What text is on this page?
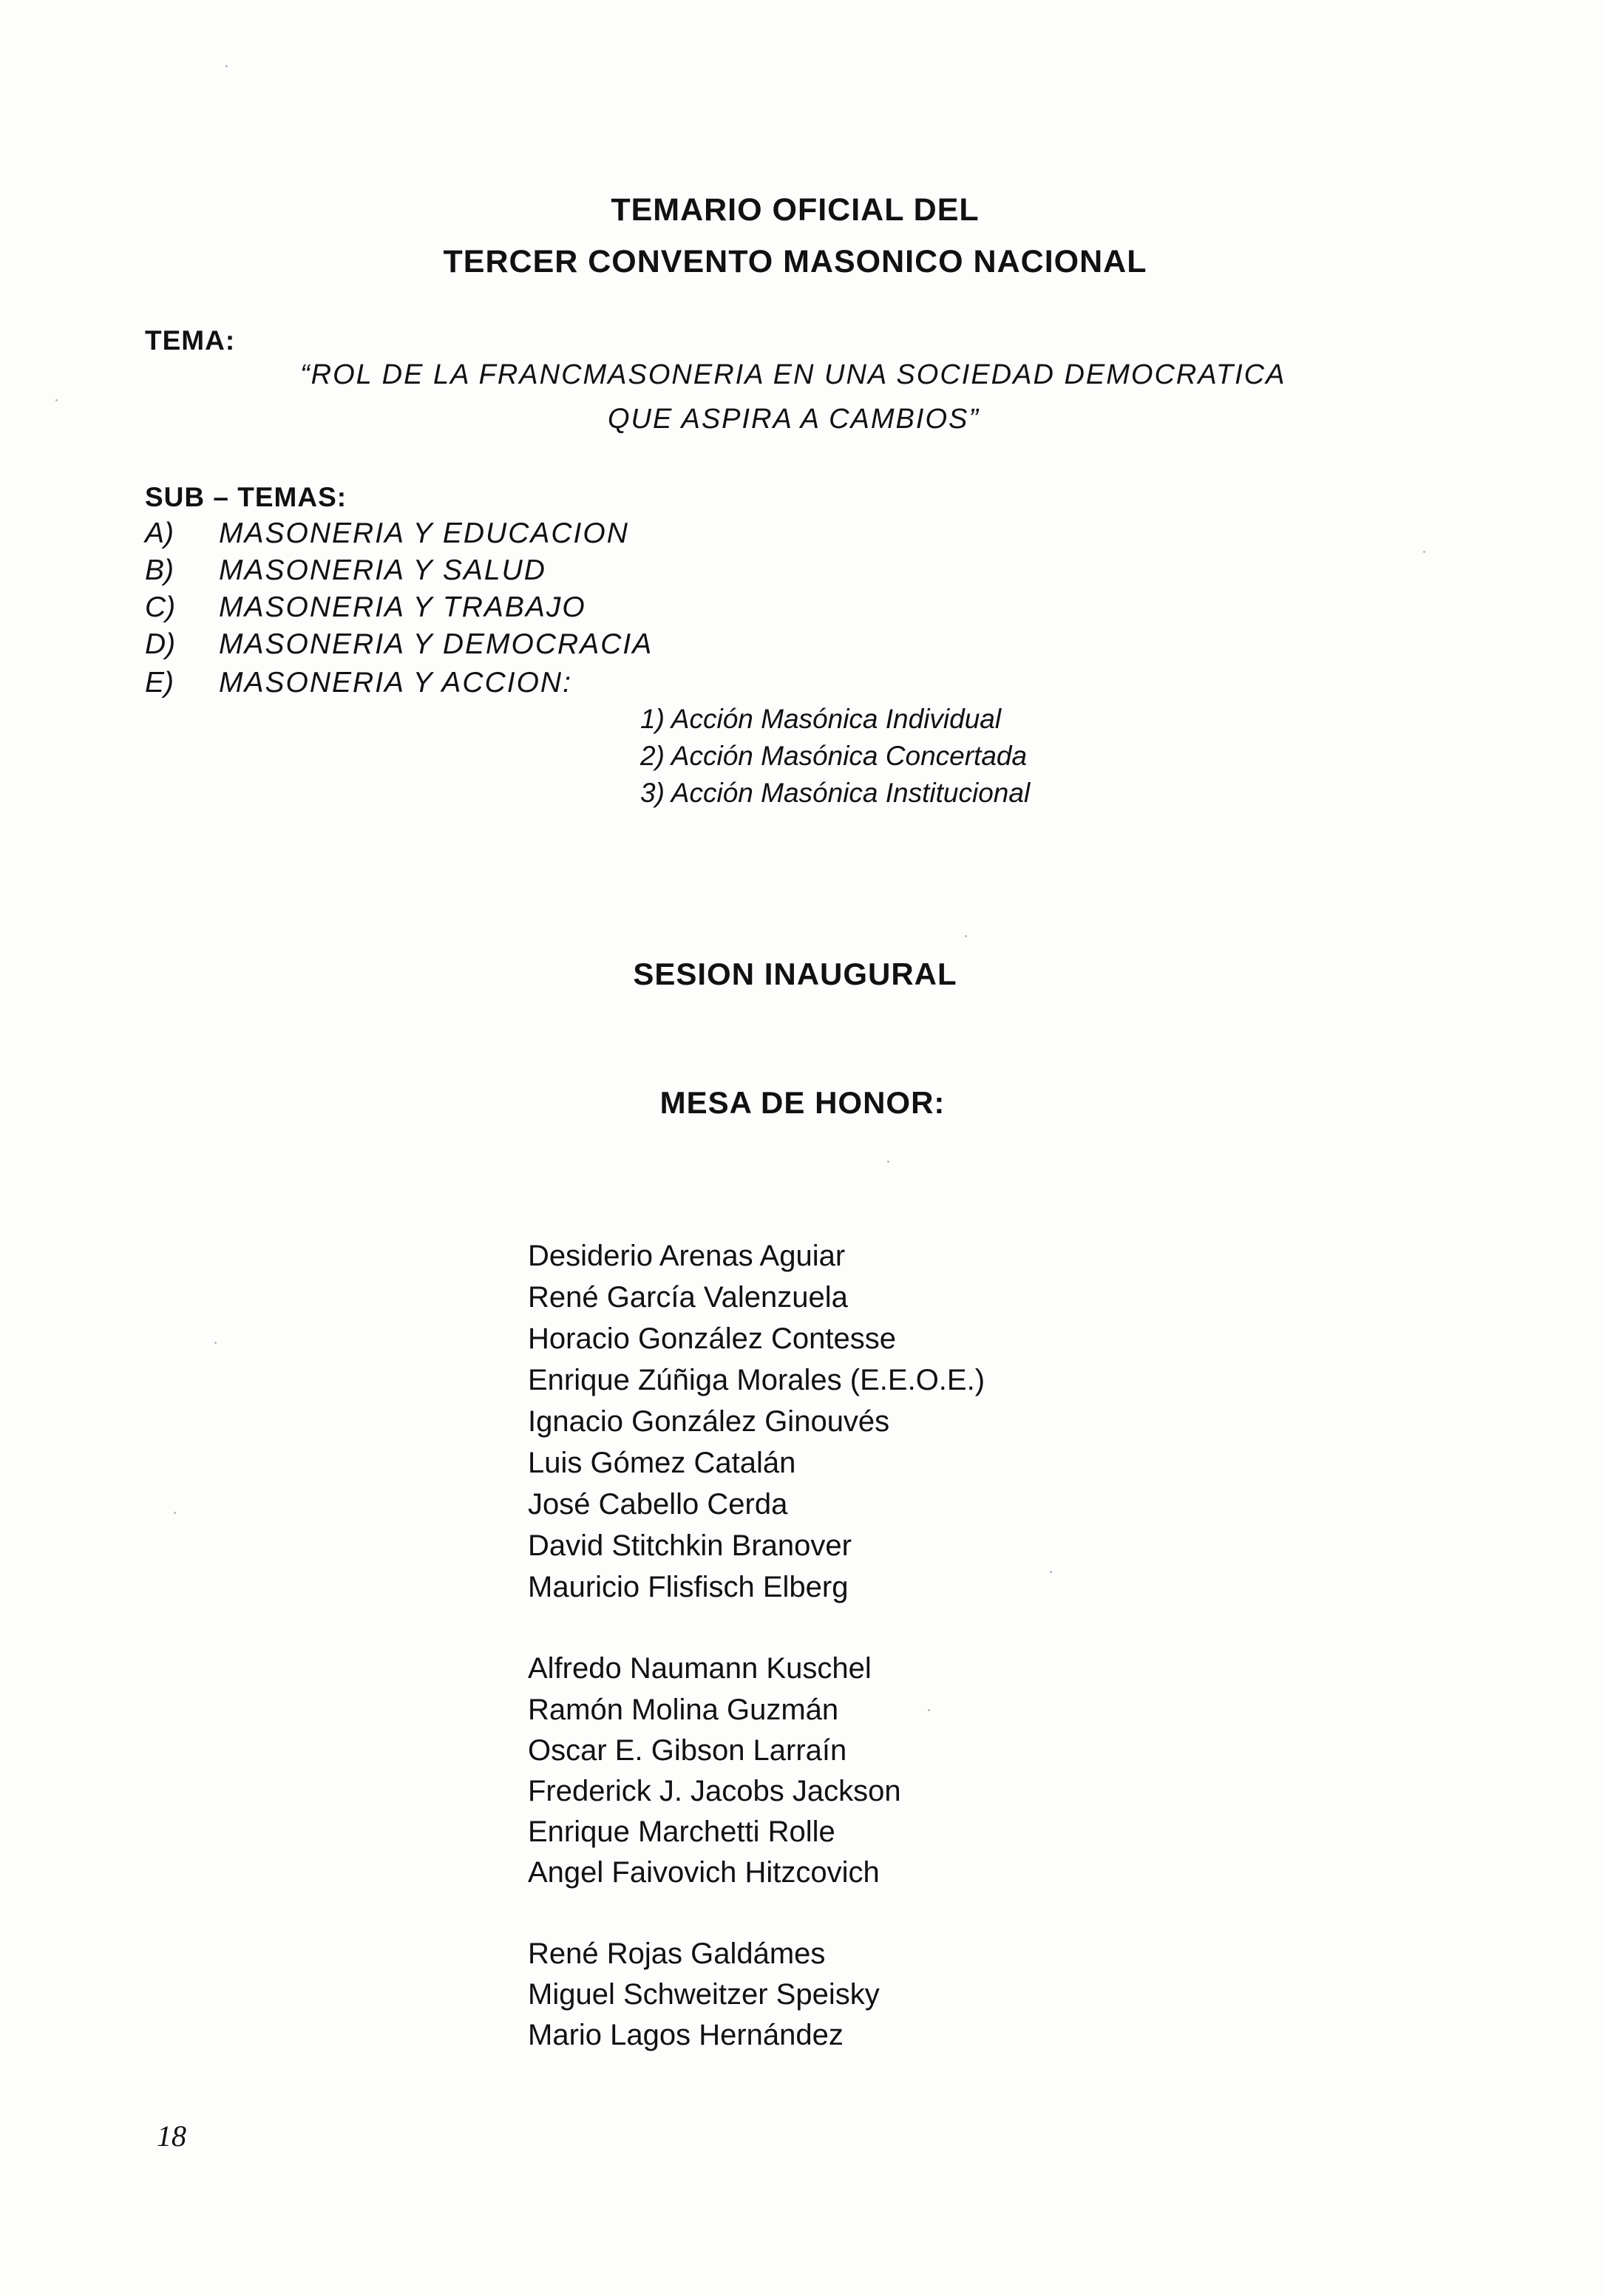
TEMARIO OFICIAL DEL
TERCER CONVENTO MASONICO NACIONAL
TEMA:
“ROL DE LA FRANCMASONERIA EN UNA SOCIEDAD DEMOCRATICA
QUE ASPIRA A CAMBIOS”
SUB – TEMAS:
A)	MASONERIA Y EDUCACION
B)	MASONERIA Y SALUD
C)	MASONERIA Y TRABAJO
D)	MASONERIA Y DEMOCRACIA
E)	MASONERIA Y ACCION:
1) Acción Masónica Individual
2) Acción Masónica Concertada
3) Acción Masónica Institucional
SESION INAUGURAL
MESA DE HONOR:
Desiderio Arenas Aguiar
René García Valenzuela
Horacio González Contesse
Enrique Zúñiga Morales (E.E.O.E.)
Ignacio González Ginouvés
Luis Gómez Catalán
José Cabello Cerda
David Stitchkin Branover
Mauricio Flisfisch Elberg
Alfredo Naumann Kuschel
Ramón Molina Guzmán
Oscar E. Gibson Larraín
Frederick J. Jacobs Jackson
Enrique Marchetti Rolle
Angel Faivovich Hitzcovich
René Rojas Galdámes
Miguel Schweitzer Speisky
Mario Lagos Hernández
18
